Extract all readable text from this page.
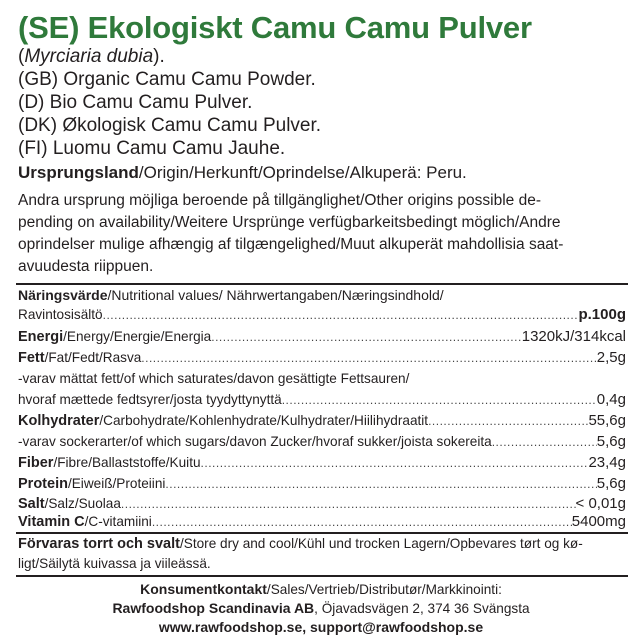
(SE) Ekologiskt Camu Camu Pulver
(Myrciaria dubia).
(GB) Organic Camu Camu Powder.
(D) Bio Camu Camu Pulver.
(DK) Økologisk Camu Camu Pulver.
(FI) Luomu Camu Camu Jauhe.
Ursprungsland/Origin/Herkunft/Oprindelse/Alkuperä: Peru.
Andra ursprung möjliga beroende på tillgänglighet/Other origins possible de-
pending on availability/Weitere Ursprünge verfügbarkeitsbedingt möglich/Andre
oprindelser mulige afhængig af tilgængelighed/Muut alkuperät mahdollisia saat-
avuudesta riippuen.
Näringsvärde/Nutritional values/ Nährwertangaben/Næringsindhold/
Ravintosisältö .....	p.100g
Energi/Energy/Energie/Energia .....	1320kJ/314kcal
Fett/Fat/Fedt/Rasva .....	2,5g
-varav mättat fett/of which saturates/davon gesättigte Fettsauren/
hvoraf mættede fedtsyrer/josta tyydyttynyttä .....	0,4g
Kolhydrater/Carbohydrate/Kohlenhydrate/Kulhydrater/Hiilihydraatit .....	55,6g
-varav sockerarter/of which sugars/davon Zucker/hvoraf sukker/joista sokereita .....	5,6g
Fiber/Fibre/Ballaststoffe/Kuitu .....	23,4g
Protein/Eiweiß/Proteiini .....	5,6g
Salt/Salz/Suolaa .....	< 0,01g
Vitamin C/C-vitamiini .....	5400mg
Förvaras torrt och svalt/Store dry and cool/Kühl und trocken Lagern/Opbevares tørt og kø-
ligt/Säilytä kuivassa ja viileässä.
Konsumentkontakt/Sales/Vertrieb/Distributør/Markkinointi:
Rawfoodshop Scandinavia AB, Öjavadsvägen 2, 374 36 Svängsta
www.rawfoodshop.se, support@rawfoodshop.se
